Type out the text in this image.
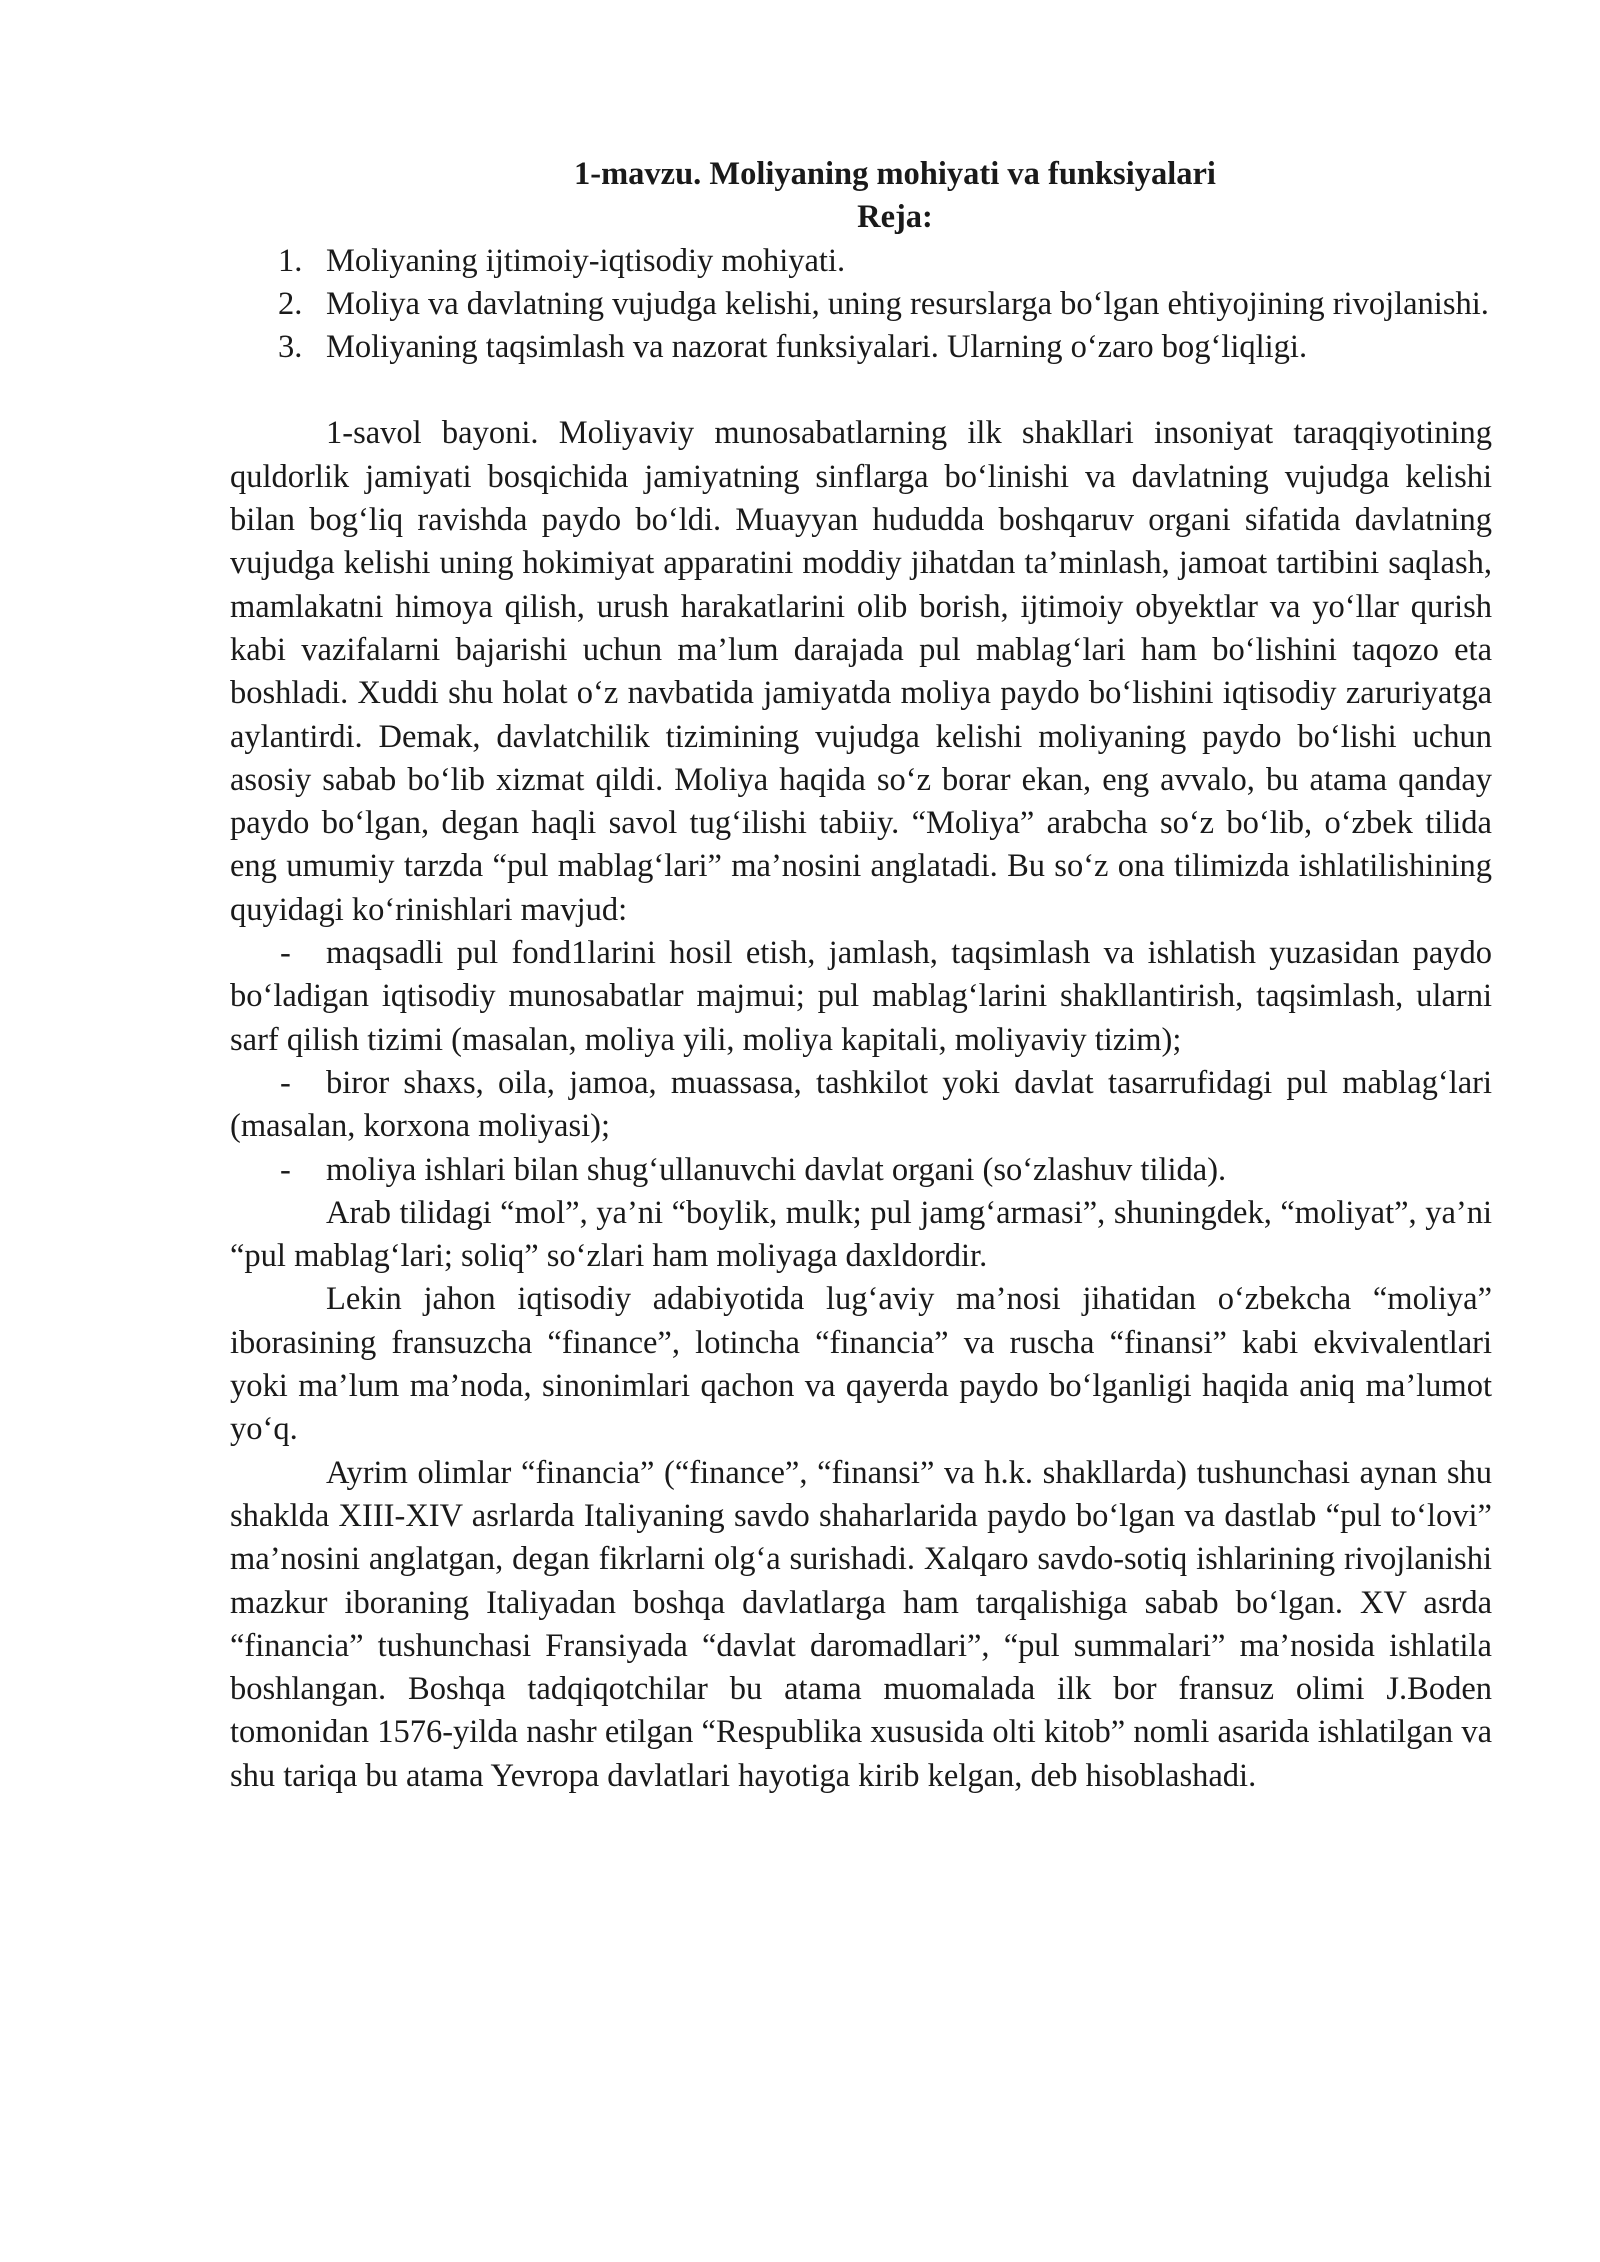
1-mavzu. Moliyaning mohiyati va funksiyalari
Reja:
1. Moliyaning ijtimoiy-iqtisodiy mohiyati.
2. Moliya va davlatning vujudga kelishi, uning resurslarga bo‘lgan ehtiyojining rivojlanishi.
3. Moliyaning taqsimlash va nazorat funksiyalari. Ularning o‘zaro bog‘liqligi.

1-savol bayoni. Moliyaviy munosabatlarning ilk shakllari insoniyat taraqqiyotining quldorlik jamiyati bosqichida jamiyatning sinflarga bo‘linishi va davlatning vujudga kelishi bilan bog‘liq ravishda paydo bo‘ldi. Muayyan hududda boshqaruv organi sifatida davlatning vujudga kelishi uning hokimiyat apparatini moddiy jihatdan ta’minlash, jamoat tartibini saqlash, mamlakatni himoya qilish, urush harakatlarini olib borish, ijtimoiy obyektlar va yo‘llar qurish kabi vazifalarni bajarishi uchun ma’lum darajada pul mablag‘lari ham bo‘lishini taqozo eta boshladi. Xuddi shu holat o‘z navbatida jamiyatda moliya paydo bo‘lishini iqtisodiy zaruriyatga aylantirdi. Demak, davlatchilik tizimining vujudga kelishi moliyaning paydo bo‘lishi uchun asosiy sabab bo‘lib xizmat qildi. Moliya haqida so‘z borar ekan, eng avvalo, bu atama qanday paydo bo‘lgan, degan haqli savol tug‘ilishi tabiiy. “Moliya” arabcha so‘z bo‘lib, o‘zbek tilida eng umumiy tarzda “pul mablag‘lari” ma’nosini anglatadi. Bu so‘z ona tilimizda ishlatilishining quyidagi ko‘rinishlari mavjud:

- maqsadli pul fond1larini hosil etish, jamlash, taqsimlash va ishlatish yuzasidan paydo bo‘ladigan iqtisodiy munosabatlar majmui; pul mablag‘larini shakllantirish, taqsimlash, ularni sarf qilish tizimi (masalan, moliya yili, moliya kapitali, moliyaviy tizim);
- biror shaxs, oila, jamoa, muassasa, tashkilot yoki davlat tasarrufidagi pul mablag‘lari (masalan, korxona moliyasi);
- moliya ishlari bilan shug‘ullanuvchi davlat organi (so‘zlashuv tilida).

Arab tilidagi “mol”, ya’ni “boylik, mulk; pul jamg‘armasi”, shuningdek, “moliyat”, ya’ni “pul mablag‘lari; soliq” so‘zlari ham moliyaga daxldordir.

Lekin jahon iqtisodiy adabiyotida lug‘aviy ma’nosi jihatidan o‘zbekcha “moliya” iborasining fransuzcha “finance”, lotincha “financia” va ruscha “finansi” kabi ekvivalentlari yoki ma’lum ma’noda, sinonimlari qachon va qayerda paydo bo‘lganligi haqida aniq ma’lumot yo‘q.

Ayrim olimlar “financia” (“finance”, “finansi” va h.k. shakllarda) tushunchasi aynan shu shaklda XIII-XIV asrlarda Italiyaning savdo shaharlarida paydo bo‘lgan va dastlab “pul to‘lovi” ma’nosini anglatgan, degan fikrlarni olg‘a surishadi. Xalqaro savdo-sotiq ishlarining rivojlanishi mazkur iboraning Italiyadan boshqa davlatlarga ham tarqalishiga sabab bo‘lgan. XV asrda “financia” tushunchasi Fransiyada “davlat daromadlari”, “pul summalari” ma’nosida ishlatila boshlangan. Boshqa tadqiqotchilar bu atama muomalada ilk bor fransuz olimi J.Boden tomonidan 1576-yilda nashr etilgan “Respublika xususida olti kitob” nomli asarida ishlatilgan va shu tariqa bu atama Yevropa davlatlari hayotiga kirib kelgan, deb hisoblashadi.
